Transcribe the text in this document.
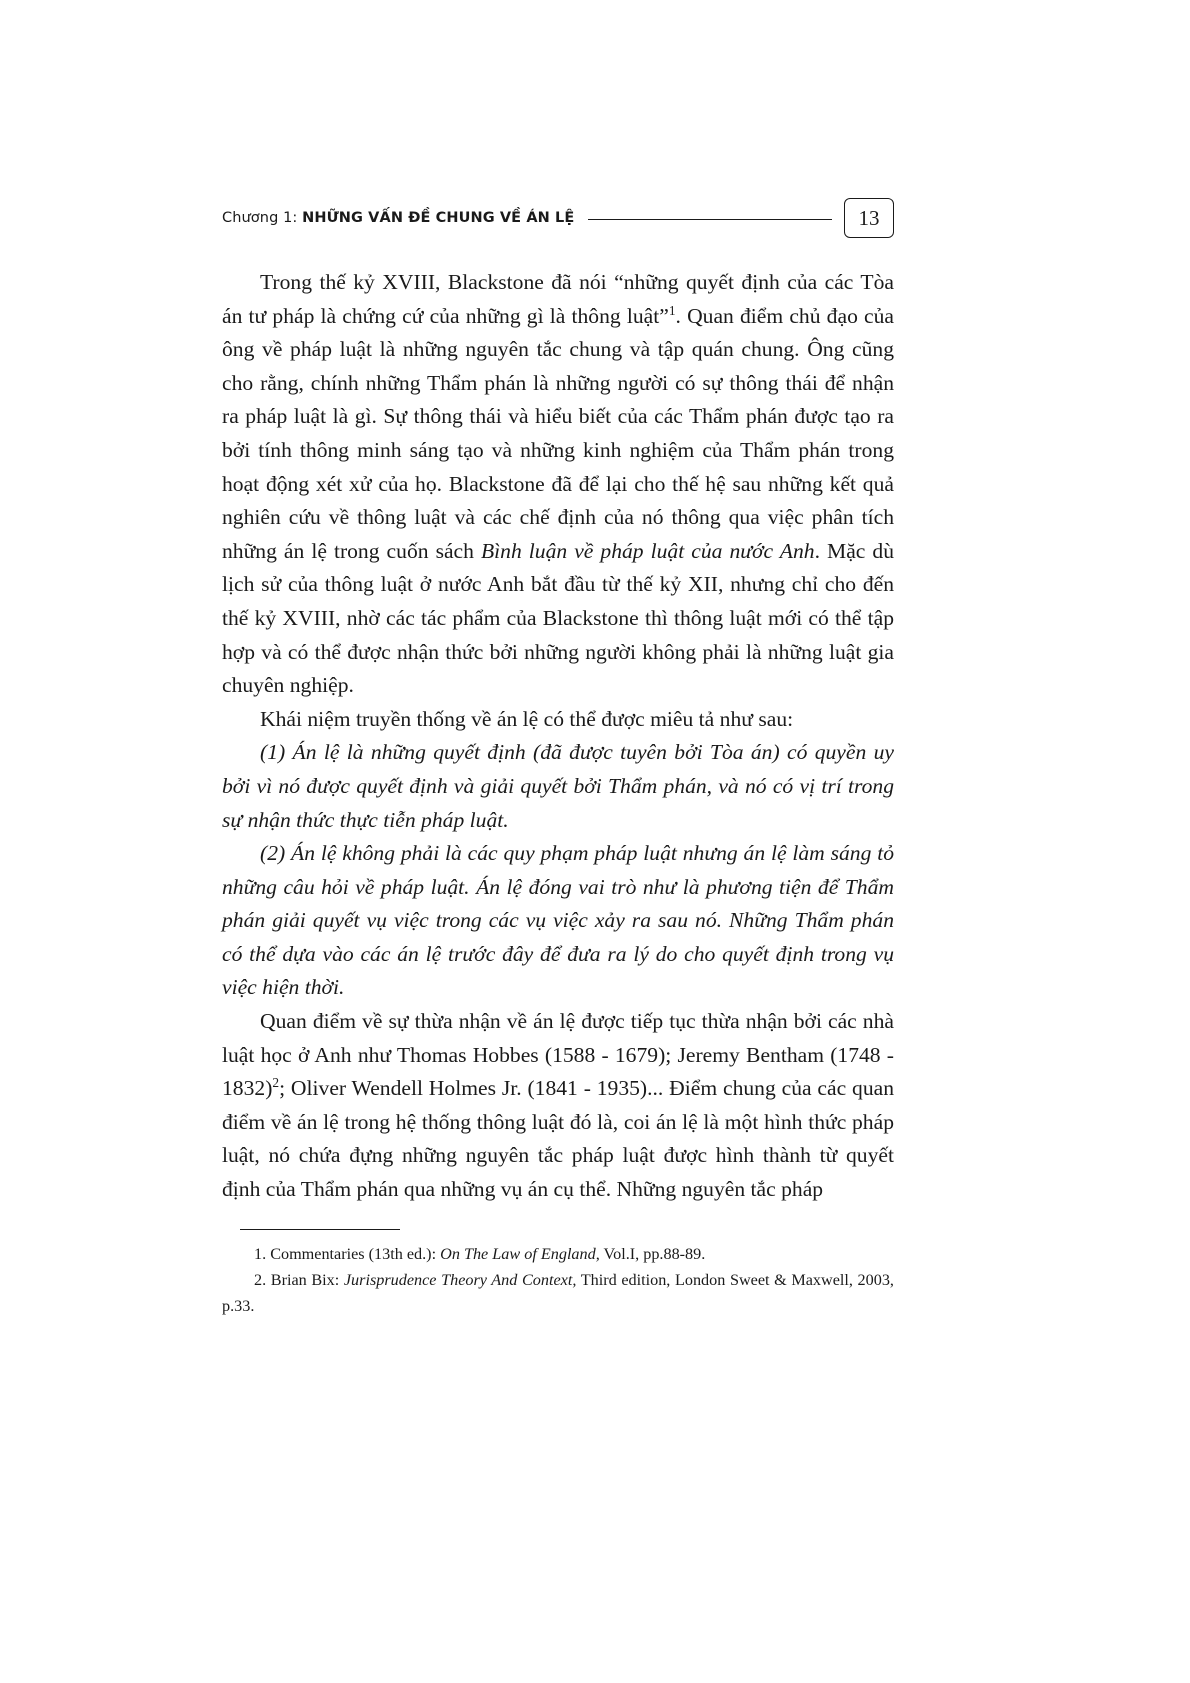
Chương 1: NHỮNG VẤN ĐỀ CHUNG VỀ ÁN LỆ	13

Trong thế kỷ XVIII, Blackstone đã nói “những quyết định của các Tòa án tư pháp là chứng cứ của những gì là thông luật”$^1$. Quan điểm chủ đạo của ông về pháp luật là những nguyên tắc chung và tập quán chung. Ông cũng cho rằng, chính những Thẩm phán là những người có sự thông thái để nhận ra pháp luật là gì. Sự thông thái và hiểu biết của các Thẩm phán được tạo ra bởi tính thông minh sáng tạo và những kinh nghiệm của Thẩm phán trong hoạt động xét xử của họ. Blackstone đã để lại cho thế hệ sau những kết quả nghiên cứu về thông luật và các chế định của nó thông qua việc phân tích những án lệ trong cuốn sách Bình luận về pháp luật của nước Anh. Mặc dù lịch sử của thông luật ở nước Anh bắt đầu từ thế kỷ XII, nhưng chỉ cho đến thế kỷ XVIII, nhờ các tác phẩm của Blackstone thì thông luật mới có thể tập hợp và có thể được nhận thức bởi những người không phải là những luật gia chuyên nghiệp.

Khái niệm truyền thống về án lệ có thể được miêu tả như sau:

(1) Án lệ là những quyết định (đã được tuyên bởi Tòa án) có quyền uy bởi vì nó được quyết định và giải quyết bởi Thẩm phán, và nó có vị trí trong sự nhận thức thực tiễn pháp luật.

(2) Án lệ không phải là các quy phạm pháp luật nhưng án lệ làm sáng tỏ những câu hỏi về pháp luật. Án lệ đóng vai trò như là phương tiện để Thẩm phán giải quyết vụ việc trong các vụ việc xảy ra sau nó. Những Thẩm phán có thể dựa vào các án lệ trước đây để đưa ra lý do cho quyết định trong vụ việc hiện thời.

Quan điểm về sự thừa nhận về án lệ được tiếp tục thừa nhận bởi các nhà luật học ở Anh như Thomas Hobbes (1588 - 1679); Jeremy Bentham (1748 - 1832)$^2$; Oliver Wendell Holmes Jr. (1841 - 1935)... Điểm chung của các quan điểm về án lệ trong hệ thống thông luật đó là, coi án lệ là một hình thức pháp luật, nó chứa đựng những nguyên tắc pháp luật được hình thành từ quyết định của Thẩm phán qua những vụ án cụ thể. Những nguyên tắc pháp

1. Commentaries (13th ed.): On The Law of England, Vol.I, pp.88-89.

2. Brian Bix: Jurisprudence Theory And Context, Third edition, London Sweet & Maxwell, 2003, p.33.
